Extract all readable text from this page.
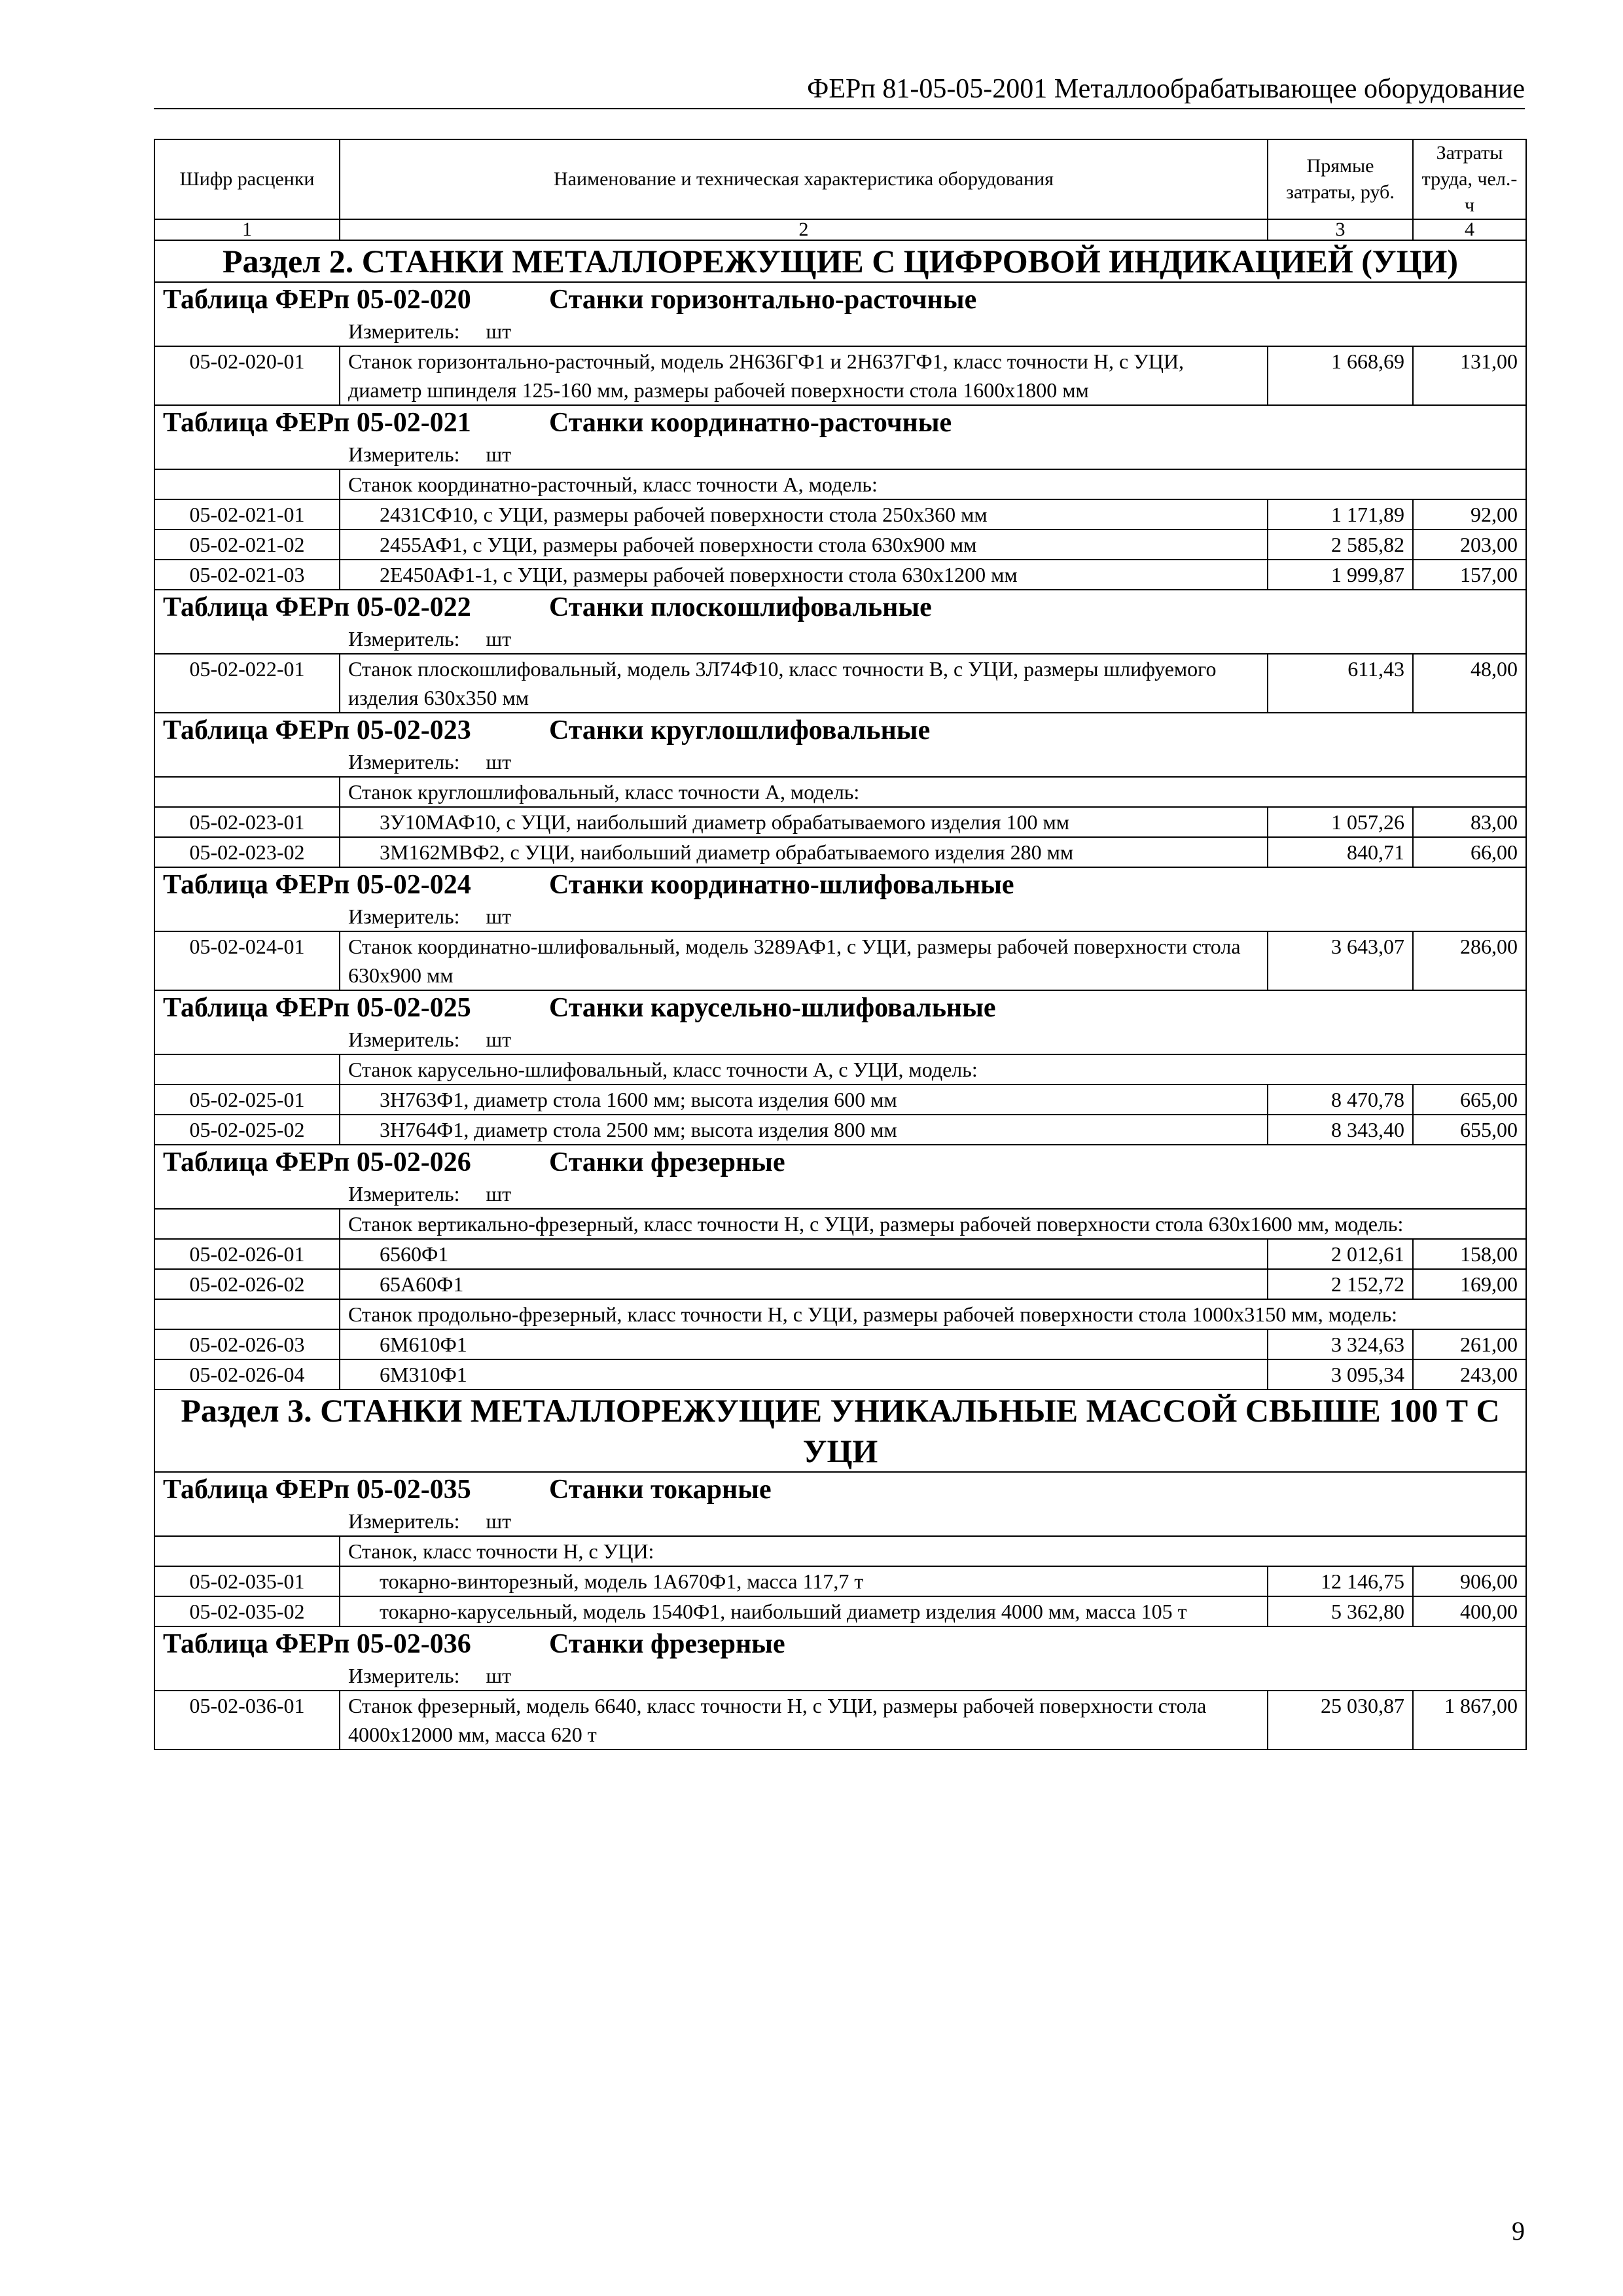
ФЕРп 81-05-05-2001 Металлообрабатывающее оборудование
Шифр расценки	Наименование и техническая характеристика оборудования	Прямые затраты, руб.	Затраты труда, чел.-ч
1	2	3	4
Раздел 2. СТАНКИ МЕТАЛЛОРЕЖУЩИЕ С ЦИФРОВОЙ ИНДИКАЦИЕЙ (УЦИ)			
Таблица ФЕРп 05-02-020 Станки горизонтально-расточные			
Измеритель: шт			
05-02-020-01	Станок горизонтально-расточный, модель 2Н636ГФ1 и 2Н637ГФ1, класс точности Н, с УЦИ, диаметр шпинделя 125-160 мм, размеры рабочей поверхности стола 1600x1800 мм	1 668,69	131,00
Таблица ФЕРп 05-02-021 Станки координатно-расточные			
Измеритель: шт			
	Станок координатно-расточный, класс точности А, модель:		
05-02-021-01	2431СФ10, с УЦИ, размеры рабочей поверхности стола 250x360 мм	1 171,89	92,00
05-02-021-02	2455АФ1, с УЦИ, размеры рабочей поверхности стола 630x900 мм	2 585,82	203,00
05-02-021-03	2Е450АФ1-1, с УЦИ, размеры рабочей поверхности стола 630x1200 мм	1 999,87	157,00
Таблица ФЕРп 05-02-022 Станки плоскошлифовальные			
Измеритель: шт			
05-02-022-01	Станок плоскошлифовальный, модель 3Л74Ф10, класс точности В, с УЦИ, размеры шлифуемого изделия 630x350 мм	611,43	48,00
Таблица ФЕРп 05-02-023 Станки круглошлифовальные			
Измеритель: шт			
	Станок круглошлифовальный, класс точности А, модель:		
05-02-023-01	3У10МАФ10, с УЦИ, наибольший диаметр обрабатываемого изделия 100 мм	1 057,26	83,00
05-02-023-02	3М162МВФ2, с УЦИ, наибольший диаметр обрабатываемого изделия 280 мм	840,71	66,00
Таблица ФЕРп 05-02-024 Станки координатно-шлифовальные			
Измеритель: шт			
05-02-024-01	Станок координатно-шлифовальный, модель 3289АФ1, с УЦИ, размеры рабочей поверхности стола 630x900 мм	3 643,07	286,00
Таблица ФЕРп 05-02-025 Станки карусельно-шлифовальные			
Измеритель: шт			
	Станок карусельно-шлифовальный, класс точности А, с УЦИ, модель:		
05-02-025-01	3Н763Ф1, диаметр стола 1600 мм; высота изделия 600 мм	8 470,78	665,00
05-02-025-02	3Н764Ф1, диаметр стола 2500 мм; высота изделия 800 мм	8 343,40	655,00
Таблица ФЕРп 05-02-026 Станки фрезерные			
Измеритель: шт			
	Станок вертикально-фрезерный, класс точности Н, с УЦИ, размеры рабочей поверхности стола 630x1600 мм, модель:		
05-02-026-01	6560Ф1	2 012,61	158,00
05-02-026-02	65А60Ф1	2 152,72	169,00
	Станок продольно-фрезерный, класс точности Н, с УЦИ, размеры рабочей поверхности стола 1000x3150 мм, модель:		
05-02-026-03	6М610Ф1	3 324,63	261,00
05-02-026-04	6М310Ф1	3 095,34	243,00
Раздел 3. СТАНКИ МЕТАЛЛОРЕЖУЩИЕ УНИКАЛЬНЫЕ МАССОЙ СВЫШЕ 100 Т С УЦИ			
Таблица ФЕРп 05-02-035 Станки токарные			
Измеритель: шт			
	Станок, класс точности Н, с УЦИ:		
05-02-035-01	токарно-винторезный, модель 1А670Ф1, масса 117,7 т	12 146,75	906,00
05-02-035-02	токарно-карусельный, модель 1540Ф1, наибольший диаметр изделия 4000 мм, масса 105 т	5 362,80	400,00
Таблица ФЕРп 05-02-036 Станки фрезерные			
Измеритель: шт			
05-02-036-01	Станок фрезерный, модель 6640, класс точности Н, с УЦИ, размеры рабочей поверхности стола 4000x12000 мм, масса 620 т	25 030,87	1 867,00
9
